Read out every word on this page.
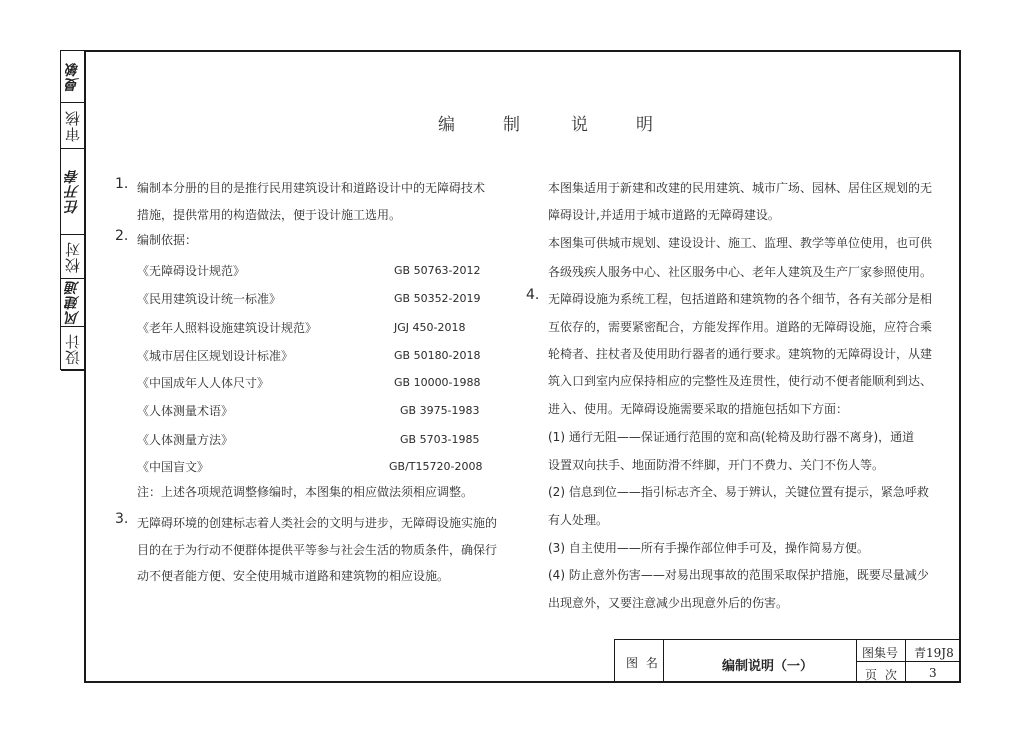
曼敏
审核
任开春
校对
风建通
设计
编	制	说	明
1. 编制本分册的目的是推行民用建筑设计和道路设计中的无障碍技术
措施，提供常用的构造做法，便于设计施工选用。
2. 编制依据：
《无障碍设计规范》	GB 50763-2012
《民用建筑设计统一标准》	GB 50352-2019
《老年人照料设施建筑设计规范》	JGJ 450-2018
《城市居住区规划设计标准》	GB 50180-2018
《中国成年人人体尺寸》	GB 10000-1988
《人体测量术语》	GB 3975-1983
《人体测量方法》	GB 5703-1985
《中国盲文》	GB/T15720-2008
注：上述各项规范调整修编时，本图集的相应做法须相应调整。
3. 无障碍环境的创建标志着人类社会的文明与进步，无障碍设施实施的
目的在于为行动不便群体提供平等参与社会生活的物质条件，确保行
动不便者能方便、安全使用城市道路和建筑物的相应设施。
本图集适用于新建和改建的民用建筑、城市广场、园林、居住区规划的无
障碍设计,并适用于城市道路的无障碍建设。
本图集可供城市规划、建设设计、施工、监理、教学等单位使用，也可供
各级残疾人服务中心、社区服务中心、老年人建筑及生产厂家参照使用。
4. 无障碍设施为系统工程，包括道路和建筑物的各个细节，各有关部分是相
互依存的，需要紧密配合，方能发挥作用。道路的无障碍设施，应符合乘
轮椅者、拄杖者及使用助行器者的通行要求。建筑物的无障碍设计，从建
筑入口到室内应保持相应的完整性及连贯性，使行动不便者能顺利到达、
进入、使用。无障碍设施需要采取的措施包括如下方面：
(1) 通行无阻——保证通行范围的宽和高(轮椅及助行器不离身)，通道
设置双向扶手、地面防滑不绊脚，开门不费力、关门不伤人等。
(2) 信息到位——指引标志齐全、易于辨认，关键位置有提示，紧急呼救
有人处理。
(3) 自主使用——所有手操作部位伸手可及，操作简易方便。
(4) 防止意外伤害——对易出现事故的范围采取保护措施，既要尽量减少
出现意外，又要注意减少出现意外后的伤害。
图 名	编制说明（一）
图集号 青19J8
页 次	3
